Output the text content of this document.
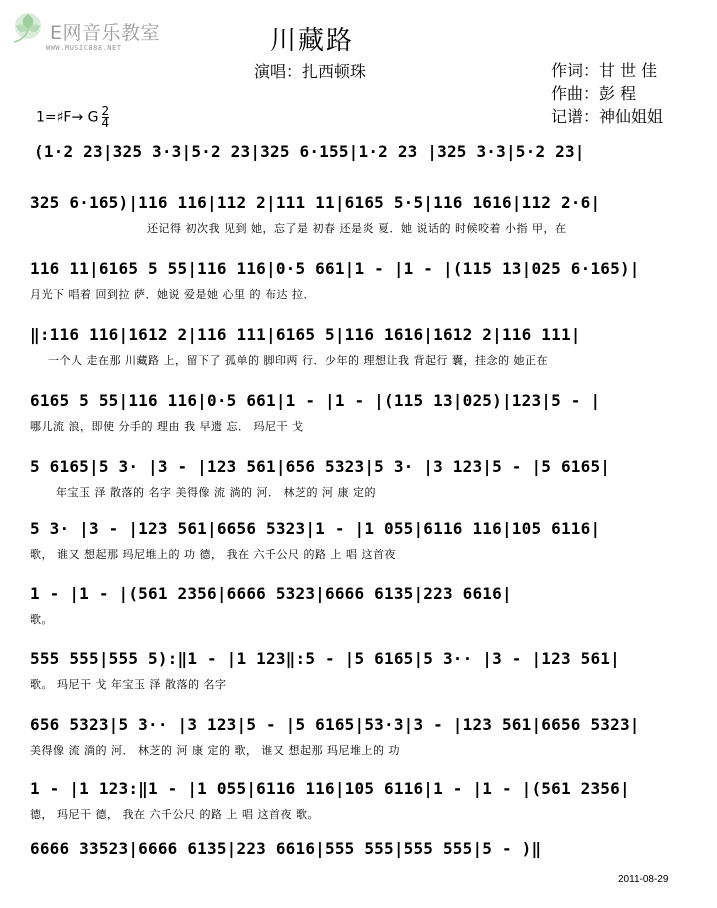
E网音乐教室
WWW.MUSIC888.NET	川藏路
演唱：扎西顿珠	作词：甘 世 佳
作曲：彭 程
记谱：神仙姐姐
1=♯F→ G $\frac{2}{4}$
(1·2 23|325 3·3|5·2 23|325 6·155|1·2 23 |325 3·3|5·2 23|
325 6·165)|116 116|112 2|111 11|6165 5·5|116 1616|112 2·6|
还记得 初次我 见到 她，忘了是 初春 还是炎 夏．她 说话的 时候咬着 小指 甲，在
116 11|6165 5 55|116 116|0·5 661|1 - |1 - |(115 13|025 6·165)|
月光下 唱着 回到拉 萨．她说 爱是她 心里 的 布达 拉．
‖:116 116|1612 2|116 111|6165 5|116 1616|1612 2|116 111|
一个人 走在那 川藏路 上，留下了 孤单的 脚印两 行．少年的 理想让我 背起行 囊，挂念的 她正在
6165 5 55|116 116|0·5 661|1 - |1 - |(115 13|025)|123|5 - |
哪儿流 浪，即使 分手的 理由 我 早遗 忘． 玛尼干 戈
5 6165|5 3· |3 - |123 561|656 5323|5 3· |3 123|5 - |5 6165|
年宝玉 泽 散落的 名字 美得像 流 淌的 河． 林芝的 河 康 定的
5 3· |3 - |123 561|6656 5323|1 - |1 055|6116 116|105 6116|
歌， 谁又 想起那 玛尼堆上的 功 德， 我在 六千公尺 的路 上 唱 这首夜
1 - |1 - |(561 2356|6666 5323|6666 6135|223 6616|
歌。
555 555|555 5):‖1 - |1 123‖:5 - |5 6165|5 3·· |3 - |123 561|
歌。 玛尼干 戈 年宝玉 泽 散落的 名字
656 5323|5 3·· |3 123|5 - |5 6165|53·3|3 - |123 561|6656 5323|
美得像 流 淌的 河． 林芝的 河 康 定的 歌， 谁又 想起那 玛尼堆上的 功
1 - |1 123:‖1 - |1 055|6116 116|105 6116|1 - |1 - |(561 2356|
德， 玛尼干 德， 我在 六千公尺 的路 上 唱 这首夜 歌。
6666 33523|6666 6135|223 6616|555 555|555 555|5 - )‖
2011-08-29
